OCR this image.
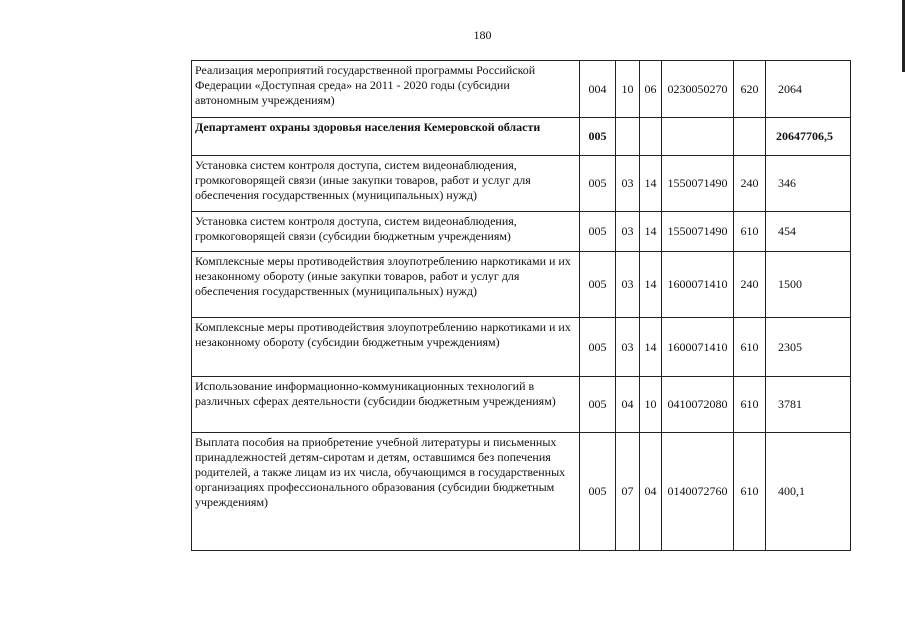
180
Реализация мероприятий государственной программы Российской Федерации «Доступная среда» на 2011 - 2020 годы (субсидии автономным учреждениям)	004	10	06	0230050270	620	2064
Департамент охраны здоровья населения Кемеровской области	005					20647706,5
Установка систем контроля доступа, систем видеонаблюдения, громкоговорящей связи (иные закупки товаров, работ и услуг для обеспечения государственных (муниципальных) нужд)	005	03	14	1550071490	240	346
Установка систем контроля доступа, систем видеонаблюдения, громкоговорящей связи (субсидии бюджетным учреждениям)	005	03	14	1550071490	610	454
Комплексные меры противодействия злоупотреблению наркотиками и их незаконному обороту (иные закупки товаров, работ и услуг для обеспечения государственных (муниципальных) нужд)	005	03	14	1600071410	240	1500
Комплексные меры противодействия злоупотреблению наркотиками и их незаконному обороту (субсидии бюджетным учреждениям)	005	03	14	1600071410	610	2305
Использование информационно-коммуникационных технологий в различных сферах деятельности (субсидии бюджетным учреждениям)	005	04	10	0410072080	610	3781
Выплата пособия на приобретение учебной литературы и письменных принадлежностей детям-сиротам и детям, оставшимся без попечения родителей, а также лицам из их числа, обучающимся в государственных организациях профессионального образования (субсидии бюджетным учреждениям)	005	07	04	0140072760	610	400,1
